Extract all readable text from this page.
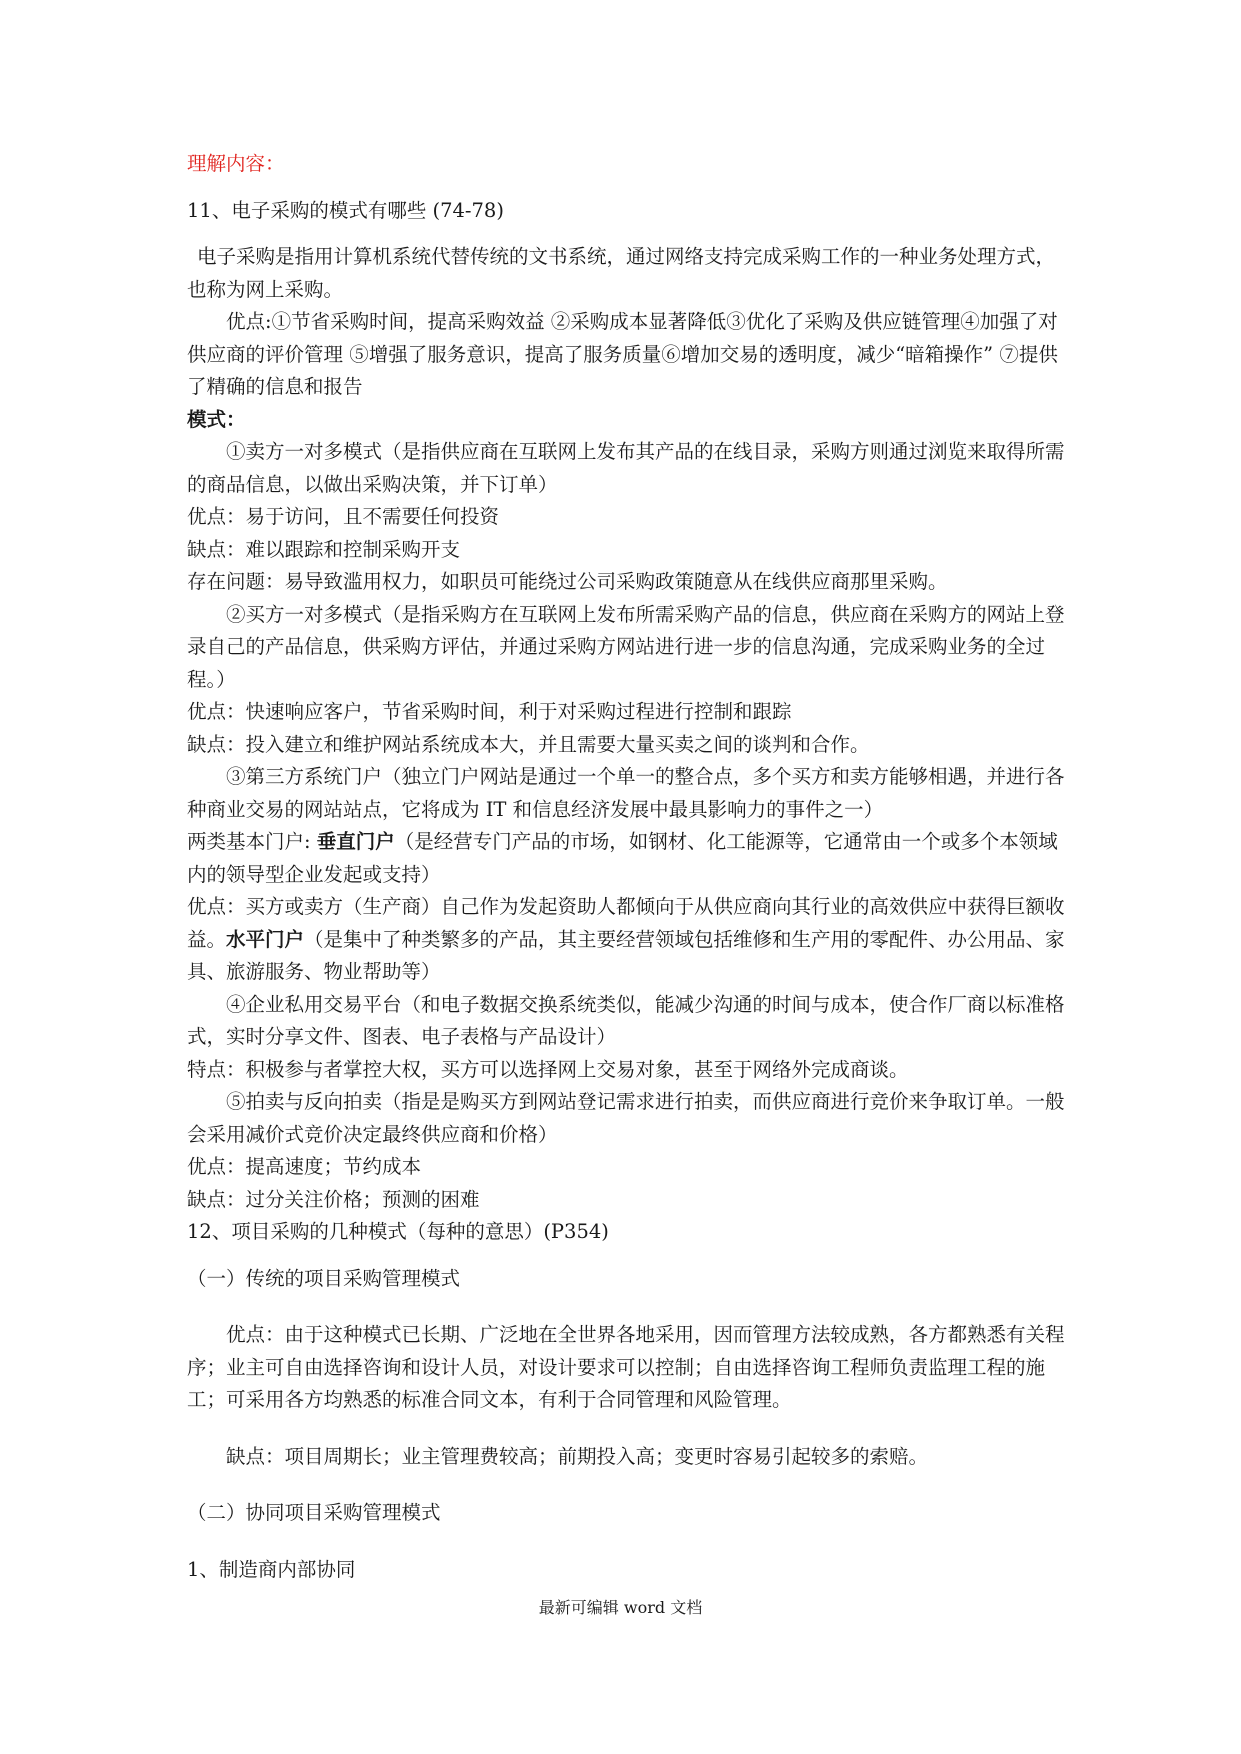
理解内容：

11、电子采购的模式有哪些 (74-78)

电子采购是指用计算机系统代替传统的文书系统，通过网络支持完成采购工作的一种业务处理方式，也称为网上采购。

优点:①节省采购时间，提高采购效益 ②采购成本显著降低③优化了采购及供应链管理④加强了对供应商的评价管理 ⑤增强了服务意识，提高了服务质量⑥增加交易的透明度，减少“暗箱操作” ⑦提供了精确的信息和报告

模式：

①卖方一对多模式（是指供应商在互联网上发布其产品的在线目录，采购方则通过浏览来取得所需的商品信息，以做出采购决策，并下订单）

优点：易于访问，且不需要任何投资

缺点：难以跟踪和控制采购开支

存在问题：易导致滥用权力，如职员可能绕过公司采购政策随意从在线供应商那里采购。

②买方一对多模式（是指采购方在互联网上发布所需采购产品的信息，供应商在采购方的网站上登录自己的产品信息，供采购方评估，并通过采购方网站进行进一步的信息沟通，完成采购业务的全过程。）

优点：快速响应客户，节省采购时间，利于对采购过程进行控制和跟踪

缺点：投入建立和维护网站系统成本大，并且需要大量买卖之间的谈判和合作。

③第三方系统门户（独立门户网站是通过一个单一的整合点，多个买方和卖方能够相遇，并进行各种商业交易的网站站点，它将成为 IT 和信息经济发展中最具影响力的事件之一）

两类基本门户: 垂直门户（是经营专门产品的市场，如钢材、化工能源等，它通常由一个或多个本领域内的领导型企业发起或支持）

优点：买方或卖方（生产商）自己作为发起资助人都倾向于从供应商向其行业的高效供应中获得巨额收益。水平门户（是集中了种类繁多的产品，其主要经营领域包括维修和生产用的零配件、办公用品、家具、旅游服务、物业帮助等）

④企业私用交易平台（和电子数据交换系统类似，能减少沟通的时间与成本，使合作厂商以标准格式，实时分享文件、图表、电子表格与产品设计）

特点：积极参与者掌控大权，买方可以选择网上交易对象，甚至于网络外完成商谈。

⑤拍卖与反向拍卖（指是是购买方到网站登记需求进行拍卖，而供应商进行竞价来争取订单。一般会采用减价式竞价决定最终供应商和价格）

优点：提高速度；节约成本

缺点：过分关注价格；预测的困难

12、项目采购的几种模式（每种的意思）(P354)

（一）传统的项目采购管理模式

优点：由于这种模式已长期、广泛地在全世界各地采用，因而管理方法较成熟，各方都熟悉有关程序；业主可自由选择咨询和设计人员，对设计要求可以控制；自由选择咨询工程师负责监理工程的施工；可采用各方均熟悉的标准合同文本，有利于合同管理和风险管理。

缺点：项目周期长；业主管理费较高；前期投入高；变更时容易引起较多的索赔。

（二）协同项目采购管理模式

1、制造商内部协同

最新可编辑 word 文档
